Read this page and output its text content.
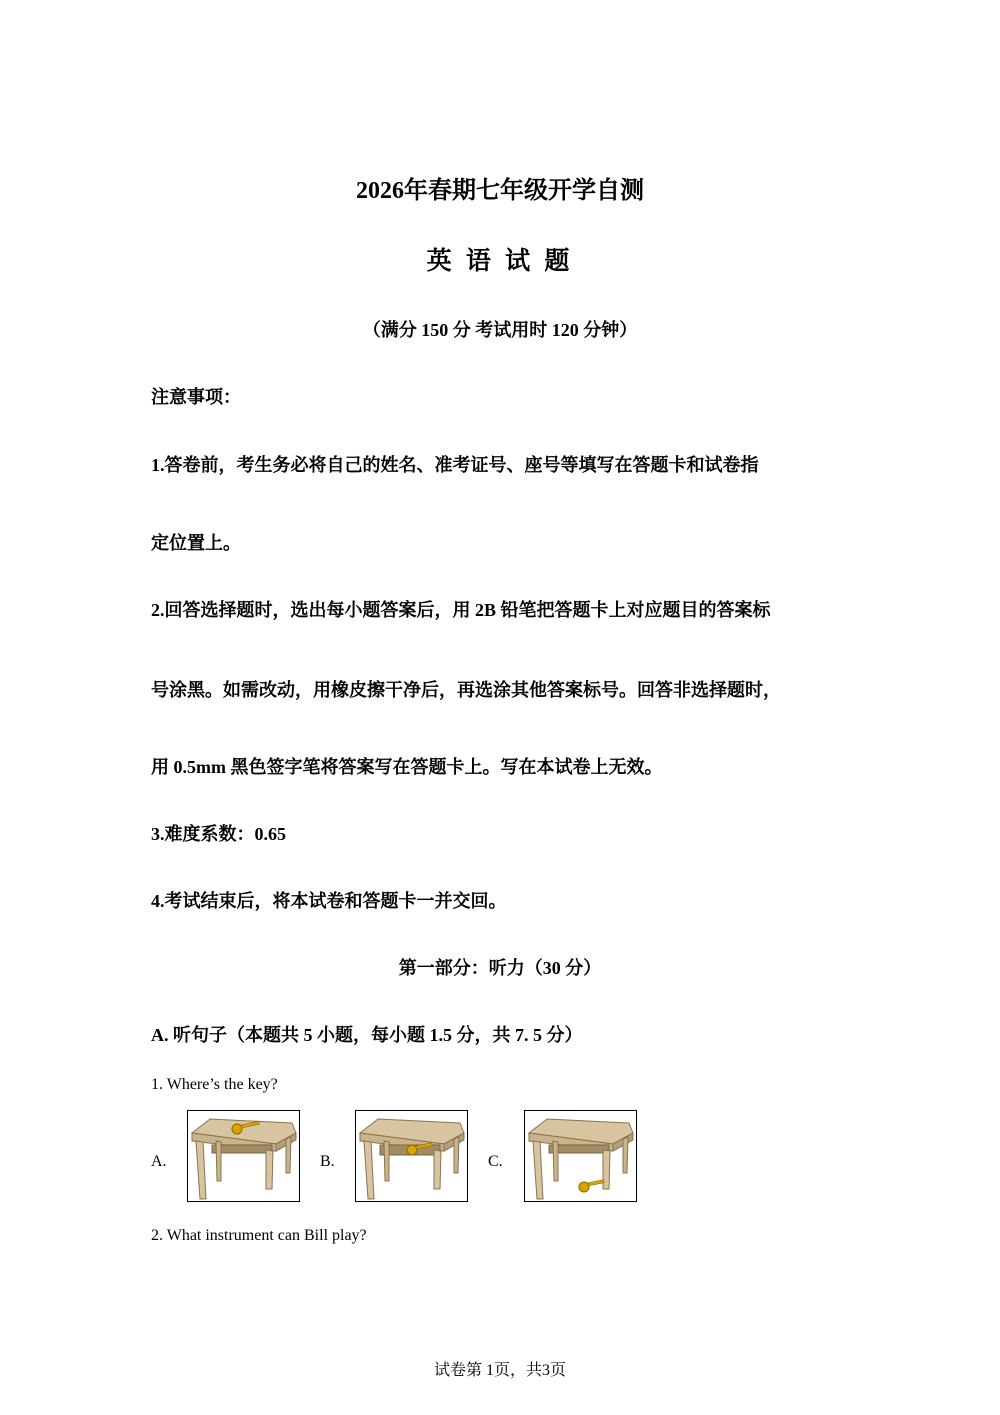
2026年春期七年级开学自测
英 语 试 题
（满分 150 分 考试用时 120 分钟）
注意事项：
1.答卷前，考生务必将自己的姓名、准考证号、座号等填写在答题卡和试卷指
定位置上。
2.回答选择题时，选出每小题答案后，用 2B 铅笔把答题卡上对应题目的答案标
号涂黑。如需改动，用橡皮擦干净后，再选涂其他答案标号。回答非选择题时，
用 0.5mm 黑色签字笔将答案写在答题卡上。写在本试卷上无效。
3.难度系数：0.65
4.考试结束后，将本试卷和答题卡一并交回。
第一部分：听力（30 分）
A. 听句子（本题共 5 小题，每小题 1.5 分，共 7. 5 分）
1. Where’s the key?
A.	B.	C.
2. What instrument can Bill play?
试卷第 1页，共3页
